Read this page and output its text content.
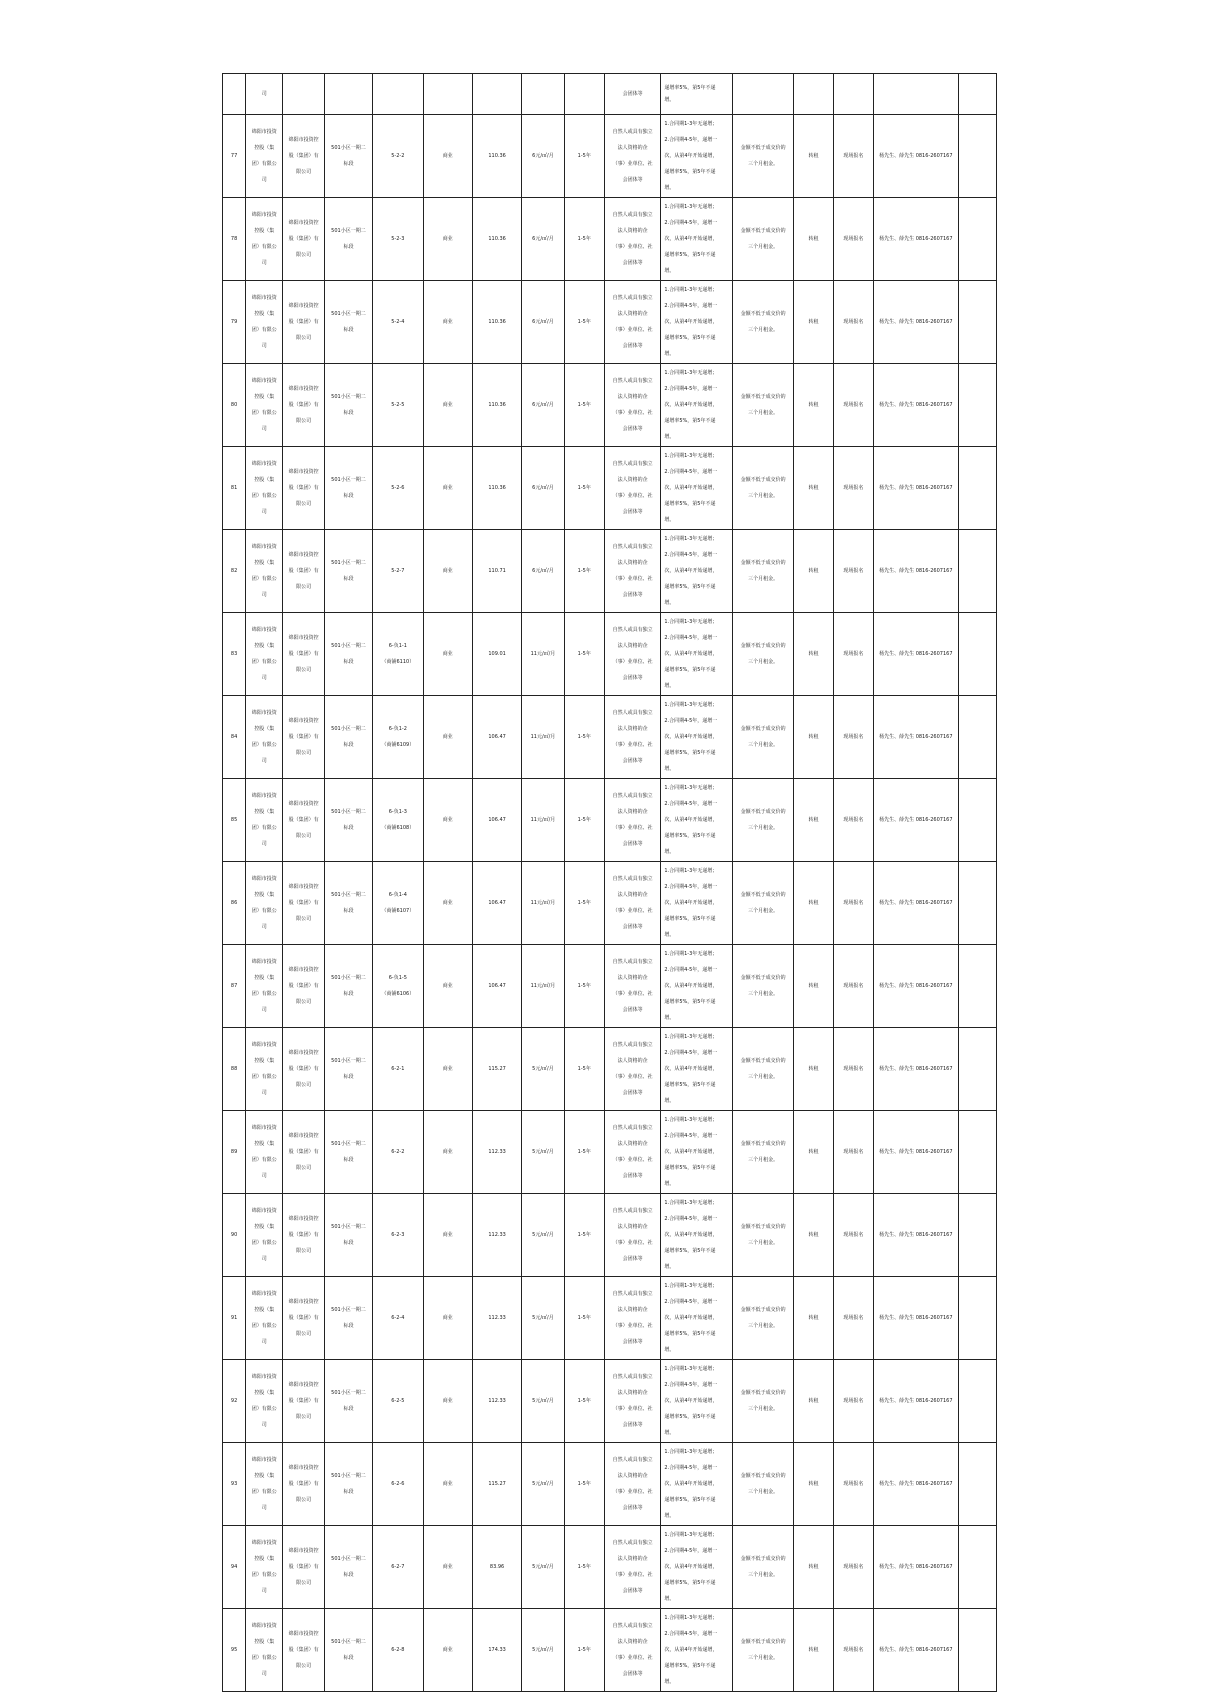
	司								会团体等	递增率5%，第5年不递
增。					
77	绵阳市投资
控股（集
团）有限公
司	绵阳市投资控
股（集团）有
限公司	501小区一期二
标段	5-2-2	商业	110.36	6元/㎡/月	1-5年	自然人或具有独立
法人资格的企
（事）业单位、社
会团体等	1.合同期1-3年无递增；
2.合同期4-5年，递增一
次，从第4年开始递增，
递增率5%，第5年不递
增。	金额不低于成交价的
三个月租金。	转租	现场报名	杨先生、薛先生 0816-2607167	
78	绵阳市投资
控股（集
团）有限公
司	绵阳市投资控
股（集团）有
限公司	501小区一期二
标段	5-2-3	商业	110.36	6元/㎡/月	1-5年	自然人或具有独立
法人资格的企
（事）业单位、社
会团体等	1.合同期1-3年无递增；
2.合同期4-5年，递增一
次，从第4年开始递增，
递增率5%，第5年不递
增。	金额不低于成交价的
三个月租金。	转租	现场报名	杨先生、薛先生 0816-2607167	
79	绵阳市投资
控股（集
团）有限公
司	绵阳市投资控
股（集团）有
限公司	501小区一期二
标段	5-2-4	商业	110.36	6元/㎡/月	1-5年	自然人或具有独立
法人资格的企
（事）业单位、社
会团体等	1.合同期1-3年无递增；
2.合同期4-5年，递增一
次，从第4年开始递增，
递增率5%，第5年不递
增。	金额不低于成交价的
三个月租金。	转租	现场报名	杨先生、薛先生 0816-2607167	
80	绵阳市投资
控股（集
团）有限公
司	绵阳市投资控
股（集团）有
限公司	501小区一期二
标段	5-2-5	商业	110.36	6元/㎡/月	1-5年	自然人或具有独立
法人资格的企
（事）业单位、社
会团体等	1.合同期1-3年无递增；
2.合同期4-5年，递增一
次，从第4年开始递增，
递增率5%，第5年不递
增。	金额不低于成交价的
三个月租金。	转租	现场报名	杨先生、薛先生 0816-2607167	
81	绵阳市投资
控股（集
团）有限公
司	绵阳市投资控
股（集团）有
限公司	501小区一期二
标段	5-2-6	商业	110.36	6元/㎡/月	1-5年	自然人或具有独立
法人资格的企
（事）业单位、社
会团体等	1.合同期1-3年无递增；
2.合同期4-5年，递增一
次，从第4年开始递增，
递增率5%，第5年不递
增。	金额不低于成交价的
三个月租金。	转租	现场报名	杨先生、薛先生 0816-2607167	
82	绵阳市投资
控股（集
团）有限公
司	绵阳市投资控
股（集团）有
限公司	501小区一期二
标段	5-2-7	商业	110.71	6元/㎡/月	1-5年	自然人或具有独立
法人资格的企
（事）业单位、社
会团体等	1.合同期1-3年无递增；
2.合同期4-5年，递增一
次，从第4年开始递增，
递增率5%，第5年不递
增。	金额不低于成交价的
三个月租金。	转租	现场报名	杨先生、薛先生 0816-2607167	
83	绵阳市投资
控股（集
团）有限公
司	绵阳市投资控
股（集团）有
限公司	501小区一期二
标段	6-负1-1
（商铺6110）	商业	109.01	11元/㎡/月	1-5年	自然人或具有独立
法人资格的企
（事）业单位、社
会团体等	1.合同期1-3年无递增；
2.合同期4-5年，递增一
次，从第4年开始递增，
递增率5%，第5年不递
增。	金额不低于成交价的
三个月租金。	转租	现场报名	杨先生、薛先生 0816-2607167	
84	绵阳市投资
控股（集
团）有限公
司	绵阳市投资控
股（集团）有
限公司	501小区一期二
标段	6-负1-2
（商铺6109）	商业	106.47	11元/㎡/月	1-5年	自然人或具有独立
法人资格的企
（事）业单位、社
会团体等	1.合同期1-3年无递增；
2.合同期4-5年，递增一
次，从第4年开始递增，
递增率5%，第5年不递
增。	金额不低于成交价的
三个月租金。	转租	现场报名	杨先生、薛先生 0816-2607167	
85	绵阳市投资
控股（集
团）有限公
司	绵阳市投资控
股（集团）有
限公司	501小区一期二
标段	6-负1-3
（商铺6108）	商业	106.47	11元/㎡/月	1-5年	自然人或具有独立
法人资格的企
（事）业单位、社
会团体等	1.合同期1-3年无递增；
2.合同期4-5年，递增一
次，从第4年开始递增，
递增率5%，第5年不递
增。	金额不低于成交价的
三个月租金。	转租	现场报名	杨先生、薛先生 0816-2607167	
86	绵阳市投资
控股（集
团）有限公
司	绵阳市投资控
股（集团）有
限公司	501小区一期二
标段	6-负1-4
（商铺6107）	商业	106.47	11元/㎡/月	1-5年	自然人或具有独立
法人资格的企
（事）业单位、社
会团体等	1.合同期1-3年无递增；
2.合同期4-5年，递增一
次，从第4年开始递增，
递增率5%，第5年不递
增。	金额不低于成交价的
三个月租金。	转租	现场报名	杨先生、薛先生 0816-2607167	
87	绵阳市投资
控股（集
团）有限公
司	绵阳市投资控
股（集团）有
限公司	501小区一期二
标段	6-负1-5
（商铺6106）	商业	106.47	11元/㎡/月	1-5年	自然人或具有独立
法人资格的企
（事）业单位、社
会团体等	1.合同期1-3年无递增；
2.合同期4-5年，递增一
次，从第4年开始递增，
递增率5%，第5年不递
增。	金额不低于成交价的
三个月租金。	转租	现场报名	杨先生、薛先生 0816-2607167	
88	绵阳市投资
控股（集
团）有限公
司	绵阳市投资控
股（集团）有
限公司	501小区一期二
标段	6-2-1	商业	115.27	5元/㎡/月	1-5年	自然人或具有独立
法人资格的企
（事）业单位、社
会团体等	1.合同期1-3年无递增；
2.合同期4-5年，递增一
次，从第4年开始递增，
递增率5%，第5年不递
增。	金额不低于成交价的
三个月租金。	转租	现场报名	杨先生、薛先生 0816-2607167	
89	绵阳市投资
控股（集
团）有限公
司	绵阳市投资控
股（集团）有
限公司	501小区一期二
标段	6-2-2	商业	112.33	5元/㎡/月	1-5年	自然人或具有独立
法人资格的企
（事）业单位、社
会团体等	1.合同期1-3年无递增；
2.合同期4-5年，递增一
次，从第4年开始递增，
递增率5%，第5年不递
增。	金额不低于成交价的
三个月租金。	转租	现场报名	杨先生、薛先生 0816-2607167	
90	绵阳市投资
控股（集
团）有限公
司	绵阳市投资控
股（集团）有
限公司	501小区一期二
标段	6-2-3	商业	112.33	5元/㎡/月	1-5年	自然人或具有独立
法人资格的企
（事）业单位、社
会团体等	1.合同期1-3年无递增；
2.合同期4-5年，递增一
次，从第4年开始递增，
递增率5%，第5年不递
增。	金额不低于成交价的
三个月租金。	转租	现场报名	杨先生、薛先生 0816-2607167	
91	绵阳市投资
控股（集
团）有限公
司	绵阳市投资控
股（集团）有
限公司	501小区一期二
标段	6-2-4	商业	112.33	5元/㎡/月	1-5年	自然人或具有独立
法人资格的企
（事）业单位、社
会团体等	1.合同期1-3年无递增；
2.合同期4-5年，递增一
次，从第4年开始递增，
递增率5%，第5年不递
增。	金额不低于成交价的
三个月租金。	转租	现场报名	杨先生、薛先生 0816-2607167	
92	绵阳市投资
控股（集
团）有限公
司	绵阳市投资控
股（集团）有
限公司	501小区一期二
标段	6-2-5	商业	112.33	5元/㎡/月	1-5年	自然人或具有独立
法人资格的企
（事）业单位、社
会团体等	1.合同期1-3年无递增；
2.合同期4-5年，递增一
次，从第4年开始递增，
递增率5%，第5年不递
增。	金额不低于成交价的
三个月租金。	转租	现场报名	杨先生、薛先生 0816-2607167	
93	绵阳市投资
控股（集
团）有限公
司	绵阳市投资控
股（集团）有
限公司	501小区一期二
标段	6-2-6	商业	115.27	5元/㎡/月	1-5年	自然人或具有独立
法人资格的企
（事）业单位、社
会团体等	1.合同期1-3年无递增；
2.合同期4-5年，递增一
次，从第4年开始递增，
递增率5%，第5年不递
增。	金额不低于成交价的
三个月租金。	转租	现场报名	杨先生、薛先生 0816-2607167	
94	绵阳市投资
控股（集
团）有限公
司	绵阳市投资控
股（集团）有
限公司	501小区一期二
标段	6-2-7	商业	83.96	5元/㎡/月	1-5年	自然人或具有独立
法人资格的企
（事）业单位、社
会团体等	1.合同期1-3年无递增；
2.合同期4-5年，递增一
次，从第4年开始递增，
递增率5%，第5年不递
增。	金额不低于成交价的
三个月租金。	转租	现场报名	杨先生、薛先生 0816-2607167	
95	绵阳市投资
控股（集
团）有限公
司	绵阳市投资控
股（集团）有
限公司	501小区一期二
标段	6-2-8	商业	174.33	5元/㎡/月	1-5年	自然人或具有独立
法人资格的企
（事）业单位、社
会团体等	1.合同期1-3年无递增；
2.合同期4-5年，递增一
次，从第4年开始递增，
递增率5%，第5年不递
增。	金额不低于成交价的
三个月租金。	转租	现场报名	杨先生、薛先生 0816-2607167	
